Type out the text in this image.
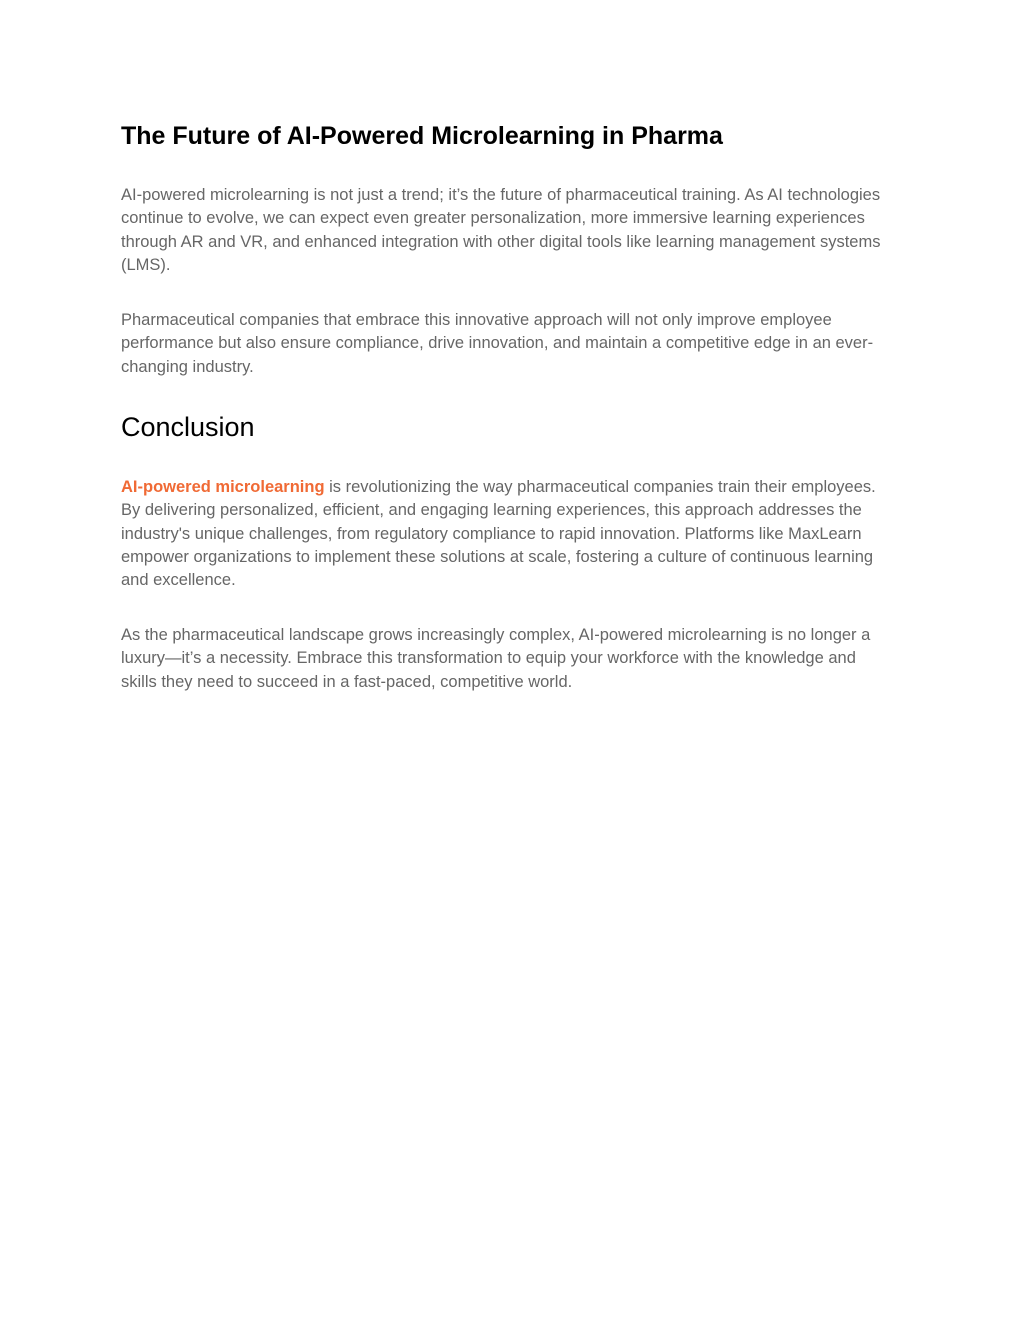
The Future of AI-Powered Microlearning in Pharma

AI-powered microlearning is not just a trend; it’s the future of pharmaceutical training. As AI technologies continue to evolve, we can expect even greater personalization, more immersive learning experiences through AR and VR, and enhanced integration with other digital tools like learning management systems (LMS).

Pharmaceutical companies that embrace this innovative approach will not only improve employee performance but also ensure compliance, drive innovation, and maintain a competitive edge in an ever-changing industry.

Conclusion

AI-powered microlearning is revolutionizing the way pharmaceutical companies train their employees. By delivering personalized, efficient, and engaging learning experiences, this approach addresses the industry's unique challenges, from regulatory compliance to rapid innovation. Platforms like MaxLearn empower organizations to implement these solutions at scale, fostering a culture of continuous learning and excellence.

As the pharmaceutical landscape grows increasingly complex, AI-powered microlearning is no longer a luxury—it’s a necessity. Embrace this transformation to equip your workforce with the knowledge and skills they need to succeed in a fast-paced, competitive world.
